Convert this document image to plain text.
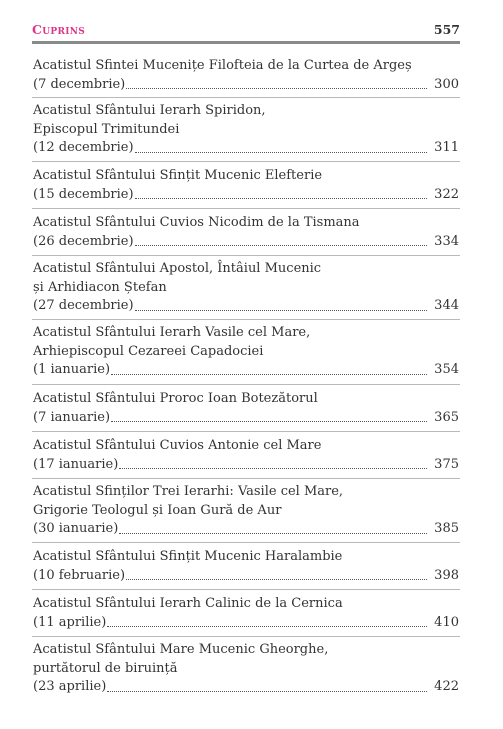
Cuprins	557
Acatistul Sfintei Mucenițe Filofteia de la Curtea de Argeș
(7 decembrie)	300
Acatistul Sfântului Ierarh Spiridon,
Episcopul Trimitundei
(12 decembrie)	311
Acatistul Sfântului Sfințit Mucenic Elefterie
(15 decembrie)	322
Acatistul Sfântului Cuvios Nicodim de la Tismana
(26 decembrie)	334
Acatistul Sfântului Apostol, Întâiul Mucenic
și Arhidiacon Ștefan
(27 decembrie)	344
Acatistul Sfântului Ierarh Vasile cel Mare,
Arhiepiscopul Cezareei Capadociei
(1 ianuarie)	354
Acatistul Sfântului Proroc Ioan Botezătorul
(7 ianuarie)	365
Acatistul Sfântului Cuvios Antonie cel Mare
(17 ianuarie)	375
Acatistul Sfinților Trei Ierarhi: Vasile cel Mare,
Grigorie Teologul și Ioan Gură de Aur
(30 ianuarie)	385
Acatistul Sfântului Sfințit Mucenic Haralambie
(10 februarie)	398
Acatistul Sfântului Ierarh Calinic de la Cernica
(11 aprilie)	410
Acatistul Sfântului Mare Mucenic Gheorghe,
purtătorul de biruință
(23 aprilie)	422
